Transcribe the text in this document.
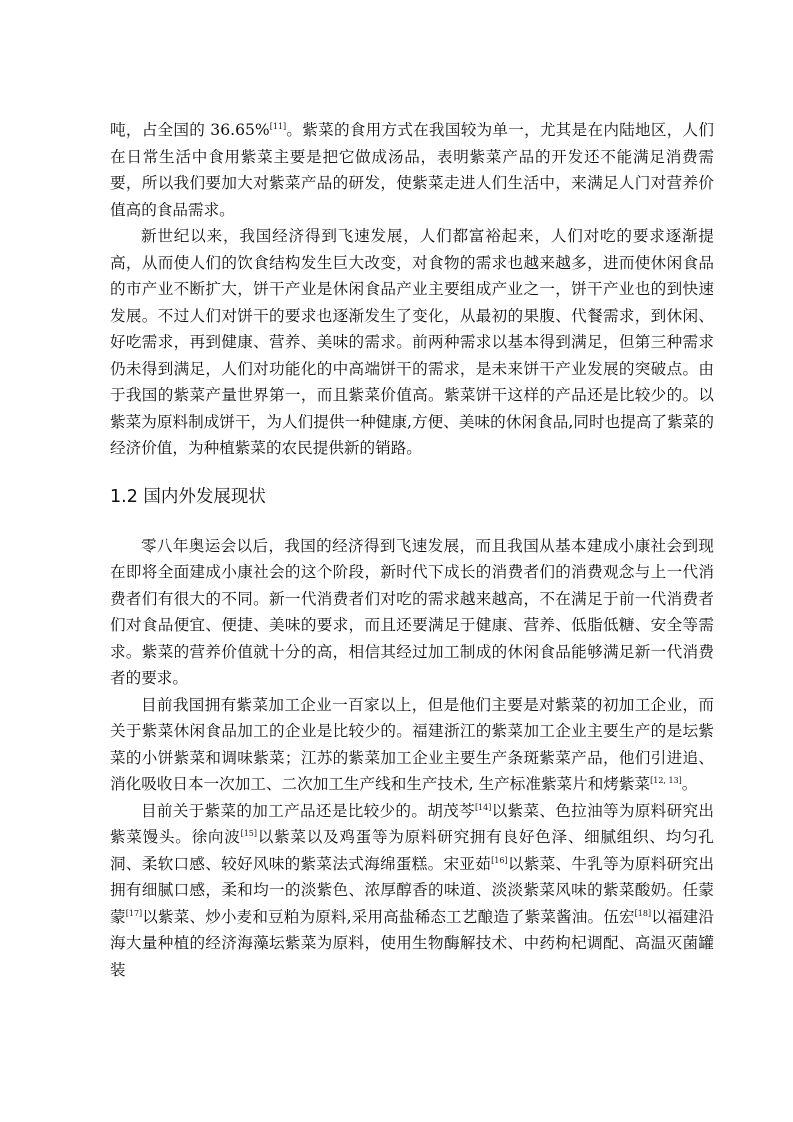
吨，占全国的 36.65%[11]。紫菜的食用方式在我国较为单一，尤其是在内陆地区，人们在日常生活中食用紫菜主要是把它做成汤品，表明紫菜产品的开发还不能满足消费需要，所以我们要加大对紫菜产品的研发，使紫菜走进人们生活中，来满足人门对营养价值高的食品需求。

新世纪以来，我国经济得到飞速发展，人们都富裕起来，人们对吃的要求逐渐提高，从而使人们的饮食结构发生巨大改变，对食物的需求也越来越多，进而使休闲食品的市产业不断扩大，饼干产业是休闲食品产业主要组成产业之一，饼干产业也的到快速发展。不过人们对饼干的要求也逐渐发生了变化，从最初的果腹、代餐需求，到休闲、好吃需求，再到健康、营养、美味的需求。前两种需求以基本得到满足，但第三种需求仍未得到满足，人们对功能化的中高端饼干的需求，是未来饼干产业发展的突破点。由于我国的紫菜产量世界第一，而且紫菜价值高。紫菜饼干这样的产品还是比较少的。以紫菜为原料制成饼干，为人们提供一种健康,方便、美味的休闲食品,同时也提高了紫菜的经济价值，为种植紫菜的农民提供新的销路。

1.2 国内外发展现状

零八年奥运会以后，我国的经济得到飞速发展，而且我国从基本建成小康社会到现在即将全面建成小康社会的这个阶段，新时代下成长的消费者们的消费观念与上一代消费者们有很大的不同。新一代消费者们对吃的需求越来越高，不在满足于前一代消费者们对食品便宜、便捷、美味的要求，而且还要满足于健康、营养、低脂低糖、安全等需求。紫菜的营养价值就十分的高，相信其经过加工制成的休闲食品能够满足新一代消费者的要求。

目前我国拥有紫菜加工企业一百家以上，但是他们主要是对紫菜的初加工企业，而关于紫菜休闲食品加工的企业是比较少的。福建浙江的紫菜加工企业主要生产的是坛紫菜的小饼紫菜和调味紫菜；江苏的紫菜加工企业主要生产条斑紫菜产品，他们引进追、消化吸收日本一次加工、二次加工生产线和生产技术, 生产标准紫菜片和烤紫菜[12, 13]。

目前关于紫菜的加工产品还是比较少的。胡茂芩[14]以紫菜、色拉油等为原料研究出紫菜馒头。徐向波[15]以紫菜以及鸡蛋等为原料研究拥有良好色泽、细腻组织、均匀孔洞、柔软口感、较好风味的紫菜法式海绵蛋糕。宋亚茹[16]以紫菜、牛乳等为原料研究出拥有细腻口感，柔和均一的淡紫色、浓厚醇香的味道、淡淡紫菜风味的紫菜酸奶。任蒙蒙[17]以紫菜、炒小麦和豆粕为原料,采用高盐稀态工艺酿造了紫菜酱油。伍宏[18]以福建沿海大量种植的经济海藻坛紫菜为原料，使用生物酶解技术、中药枸杞调配、高温灭菌罐装
